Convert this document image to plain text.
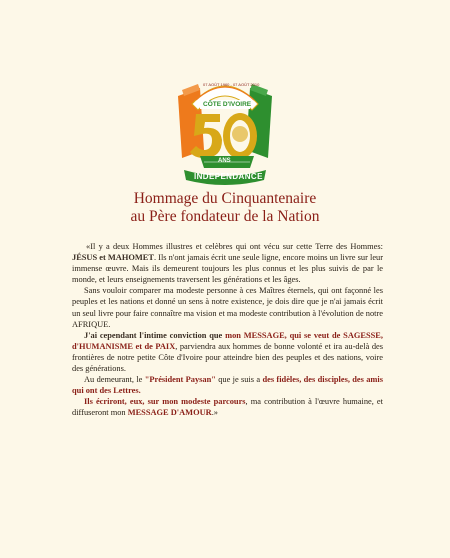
07 AOÛT 1960 - 07 AOÛT 2010
CÔTE D'IVOIRE
ANS
INDEPENDANCE
Hommage du Cinquantenaire
au Père fondateur de la Nation

«Il y a deux Hommes illustres et celèbres qui ont vécu sur cette Terre des Hommes: JÉSUS et MAHOMET. Ils n'ont jamais écrit une seule ligne, encore moins un livre sur leur immense œuvre. Mais ils demeurent toujours les plus connus et les plus suivis de par le monde, et leurs enseignements traversent les générations et les âges.

Sans vouloir comparer ma modeste personne à ces Maîtres éternels, qui ont façonné les peuples et les nations et donné un sens à notre existence, je dois dire que je n'ai jamais écrit un seul livre pour faire connaître ma vision et ma modeste contribution à l'évolution de notre AFRIQUE.

J'ai cependant l'intime conviction que mon MESSAGE, qui se veut de SAGESSE, d'HUMANISME et de PAIX, parviendra aux hommes de bonne volonté et ira au-delà des frontières de notre petite Côte d'Ivoire pour atteindre bien des peuples et des nations, voire des générations.

Au demeurant, le "Président Paysan" que je suis a des fidèles, des disciples, des amis qui ont des Lettres.

Ils écriront, eux, sur mon modeste parcours, ma contribution à l'œuvre humaine, et diffuseront mon MESSAGE D'AMOUR.»
